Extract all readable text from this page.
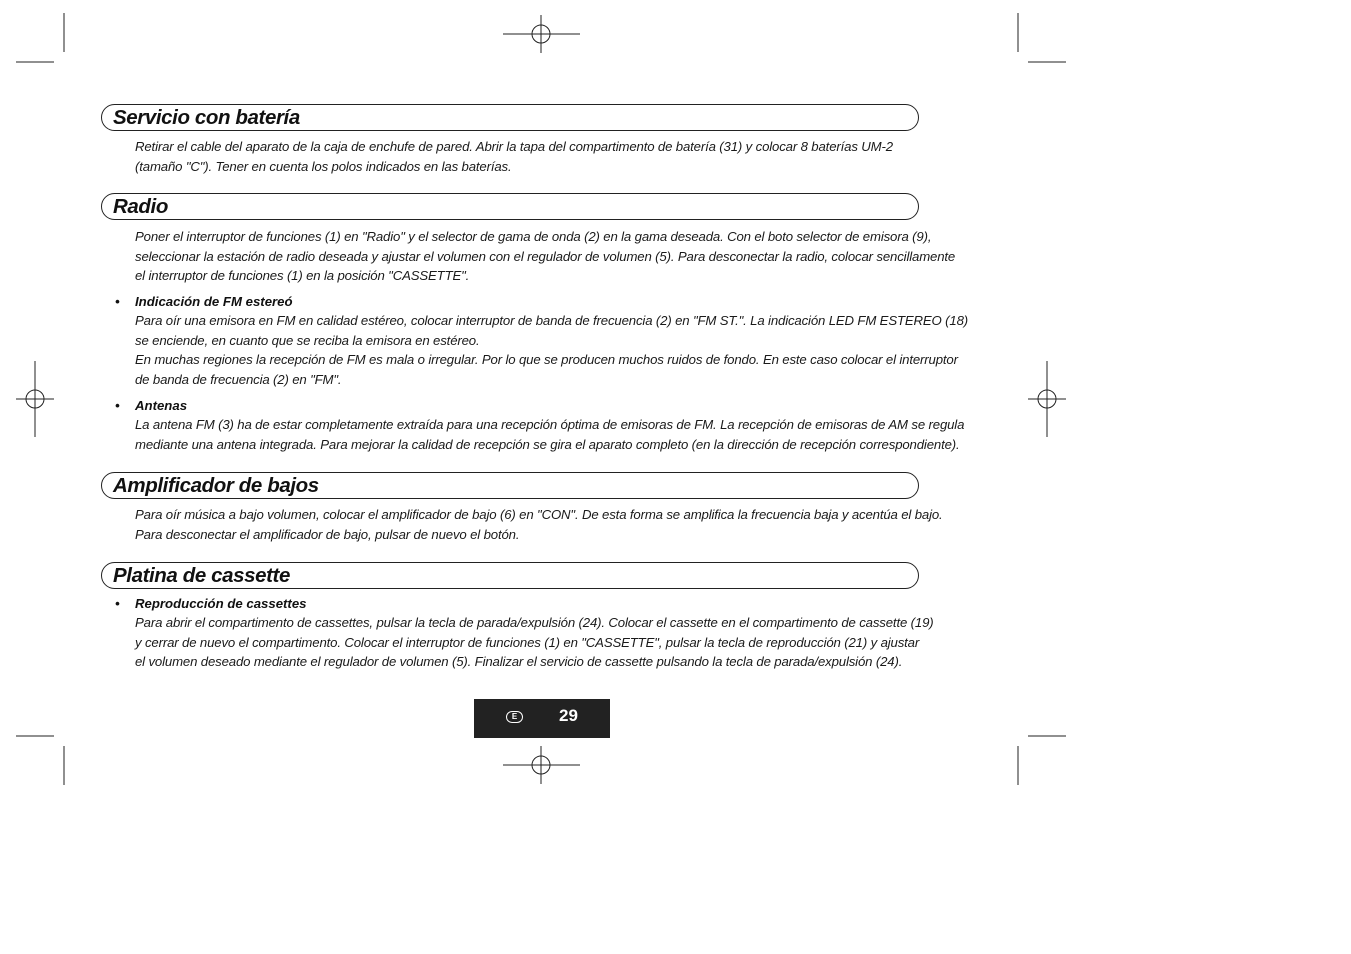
Servicio con batería

Retirar el cable del aparato de la caja de enchufe de pared. Abrir la tapa del compartimento de batería (31) y colocar 8 baterías UM-2

(tamaño "C"). Tener en cuenta los polos indicados en las baterías.

Radio

Poner el interruptor de funciones (1) en "Radio" y el selector de gama de onda (2) en la gama deseada. Con el boto selector de emisora (9),

seleccionar la estación de radio deseada y ajustar el volumen con el regulador de volumen (5). Para desconectar la radio, colocar sencillamente

el interruptor de funciones (1) en la posición "CASSETTE".

• Indicación de FM estereó

Para oír una emisora en FM en calidad estéreo, colocar interruptor de banda de frecuencia (2) en "FM ST.". La indicación LED FM ESTEREO (18)

se enciende, en cuanto que se reciba la emisora en estéreo.

En muchas regiones la recepción de FM es mala o irregular. Por lo que se producen muchos ruidos de fondo. En este caso colocar el interruptor

de banda de frecuencia (2) en "FM".

• Antenas

La antena FM (3) ha de estar completamente extraída para una recepción óptima de emisoras de FM. La recepción de emisoras de AM se regula

mediante una antena integrada. Para mejorar la calidad de recepción se gira el aparato completo (en la dirección de recepción correspondiente).

Amplificador de bajos

Para oír música a bajo volumen, colocar el amplificador de bajo (6) en "CON". De esta forma se amplifica la frecuencia baja y acentúa el bajo.

Para desconectar el amplificador de bajo, pulsar de nuevo el botón.

Platina de cassette
• Reproducción de cassettes

Para abrir el compartimento de cassettes, pulsar la tecla de parada/expulsión (24). Colocar el cassette en el compartimento de cassette (19)

y cerrar de nuevo el compartimento. Colocar el interruptor de funciones (1) en "CASSETTE", pulsar la tecla de reproducción (21) y ajustar

el volumen deseado mediante el regulador de volumen (5). Finalizar el servicio de cassette pulsando la tecla de parada/expulsión (24).

E	29
